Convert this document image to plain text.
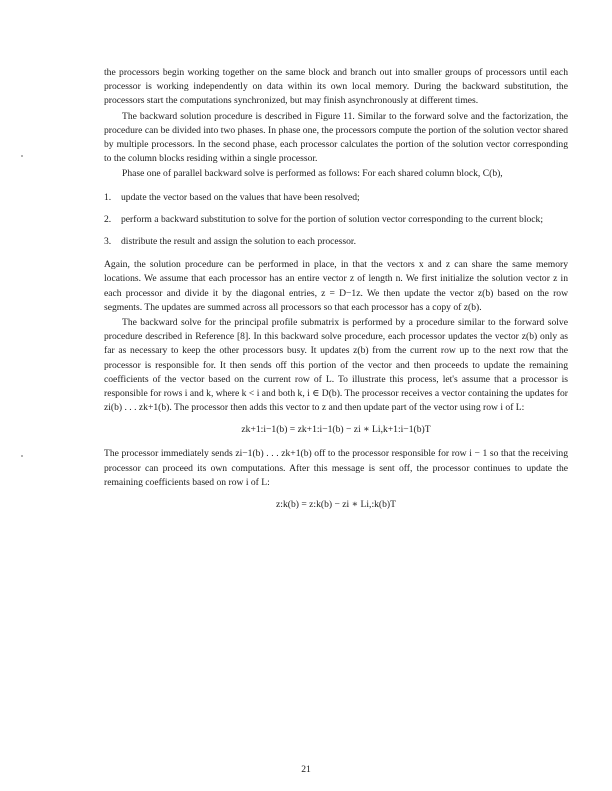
the processors begin working together on the same block and branch out into smaller groups of processors until each processor is working independently on data within its own local memory. During the backward substitution, the processors start the computations synchronized, but may finish asynchronously at different times.

The backward solution procedure is described in Figure 11. Similar to the forward solve and the factorization, the procedure can be divided into two phases. In phase one, the processors compute the portion of the solution vector shared by multiple processors. In the second phase, each processor calculates the portion of the solution vector corresponding to the column blocks residing within a single processor.

Phase one of parallel backward solve is performed as follows: For each shared column block, C(b),

1. update the vector based on the values that have been resolved;
2. perform a backward substitution to solve for the portion of solution vector corresponding to the current block;
3. distribute the result and assign the solution to each processor.

Again, the solution procedure can be performed in place, in that the vectors x and z can share the same memory locations. We assume that each processor has an entire vector z of length n. We first initialize the solution vector z in each processor and divide it by the diagonal entries, z = D−1z. We then update the vector z(b) based on the row segments. The updates are summed across all processors so that each processor has a copy of z(b).

The backward solve for the principal profile submatrix is performed by a procedure similar to the forward solve procedure described in Reference [8]. In this backward solve procedure, each processor updates the vector z(b) only as far as necessary to keep the other processors busy. It updates z(b) from the current row up to the next row that the processor is responsible for. It then sends off this portion of the vector and then proceeds to update the remaining coefficients of the vector based on the current row of L. To illustrate this process, let's assume that a processor is responsible for rows i and k, where k < i and both k, i ∈ D(b). The processor receives a vector containing the updates for zi(b) . . . zk+1(b). The processor then adds this vector to z and then update part of the vector using row i of L:

zk+1:i−1(b) = zk+1:i−1(b) − zi ∗ Li,k+1:i−1(b)T

The processor immediately sends zi−1(b) . . . zk+1(b) off to the processor responsible for row i − 1 so that the receiving processor can proceed its own computations. After this message is sent off, the processor continues to update the remaining coefficients based on row i of L:

z:k(b) = z:k(b) − zi ∗ Li,:k(b)T
21
